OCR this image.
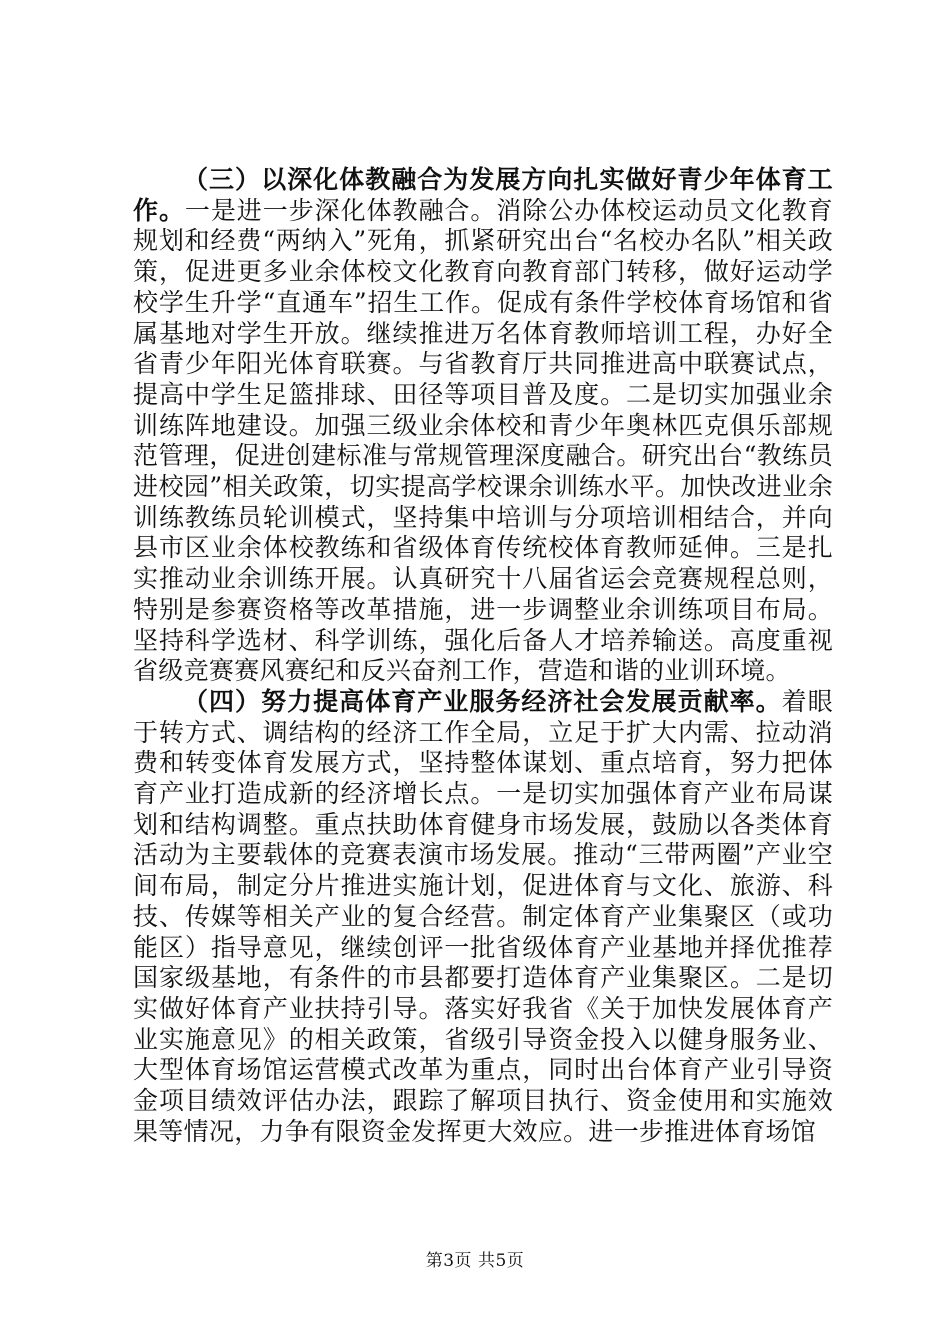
（三）以深化体教融合为发展方向扎实做好青少年体育工作。一是进一步深化体教融合。消除公办体校运动员文化教育规划和经费“两纳入”死角，抓紧研究出台“名校办名队”相关政策，促进更多业余体校文化教育向教育部门转移，做好运动学校学生升学“直通车”招生工作。促成有条件学校体育场馆和省属基地对学生开放。继续推进万名体育教师培训工程，办好全省青少年阳光体育联赛。与省教育厅共同推进高中联赛试点，提高中学生足篮排球、田径等项目普及度。二是切实加强业余训练阵地建设。加强三级业余体校和青少年奥林匹克俱乐部规范管理，促进创建标准与常规管理深度融合。研究出台“教练员进校园”相关政策，切实提高学校课余训练水平。加快改进业余训练教练员轮训模式，坚持集中培训与分项培训相结合，并向县市区业余体校教练和省级体育传统校体育教师延伸。三是扎实推动业余训练开展。认真研究十八届省运会竞赛规程总则，特别是参赛资格等改革措施，进一步调整业余训练项目布局。坚持科学选材、科学训练，强化后备人才培养输送。高度重视省级竞赛赛风赛纪和反兴奋剂工作，营造和谐的业训环境。

（四）努力提高体育产业服务经济社会发展贡献率。着眼于转方式、调结构的经济工作全局，立足于扩大内需、拉动消费和转变体育发展方式，坚持整体谋划、重点培育，努力把体育产业打造成新的经济增长点。一是切实加强体育产业布局谋划和结构调整。重点扶助体育健身市场发展，鼓励以各类体育活动为主要载体的竞赛表演市场发展。推动“三带两圈”产业空间布局，制定分片推进实施计划，促进体育与文化、旅游、科技、传媒等相关产业的复合经营。制定体育产业集聚区（或功能区）指导意见，继续创评一批省级体育产业基地并择优推荐国家级基地，有条件的市县都要打造体育产业集聚区。二是切实做好体育产业扶持引导。落实好我省《关于加快发展体育产业实施意见》的相关政策，省级引导资金投入以健身服务业、大型体育场馆运营模式改革为重点，同时出台体育产业引导资金项目绩效评估办法，跟踪了解项目执行、资金使用和实施效果等情况，力争有限资金发挥更大效应。进一步推进体育场馆

第3页 共5页
